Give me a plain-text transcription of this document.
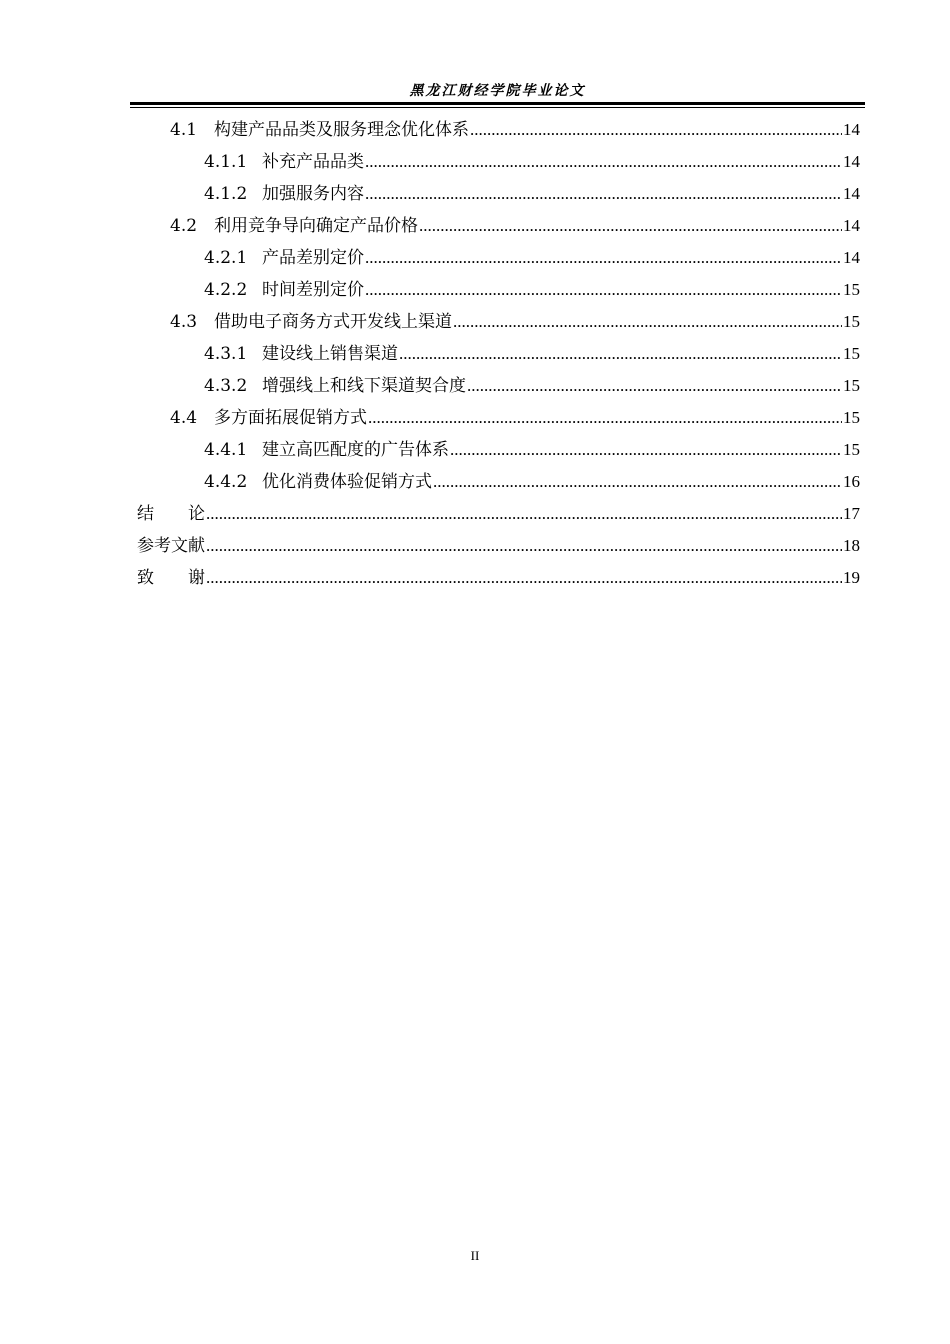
黑龙江财经学院毕业论文
4.1 构建产品品类及服务理念优化体系 .....	14
4.1.1 补充产品品类 .....	14
4.1.2 加强服务内容 .....	14
4.2 利用竞争导向确定产品价格 .....	14
4.2.1 产品差别定价 .....	14
4.2.2 时间差别定价 .....	15
4.3 借助电子商务方式开发线上渠道 .....	15
4.3.1 建设线上销售渠道 .....	15
4.3.2 增强线上和线下渠道契合度 .....	15
4.4 多方面拓展促销方式 .....	15
4.4.1 建立高匹配度的广告体系 .....	15
4.4.2 优化消费体验促销方式 .....	16
结　　论 .....	17
参考文献 .....	18
致　　谢 .....	19
II
